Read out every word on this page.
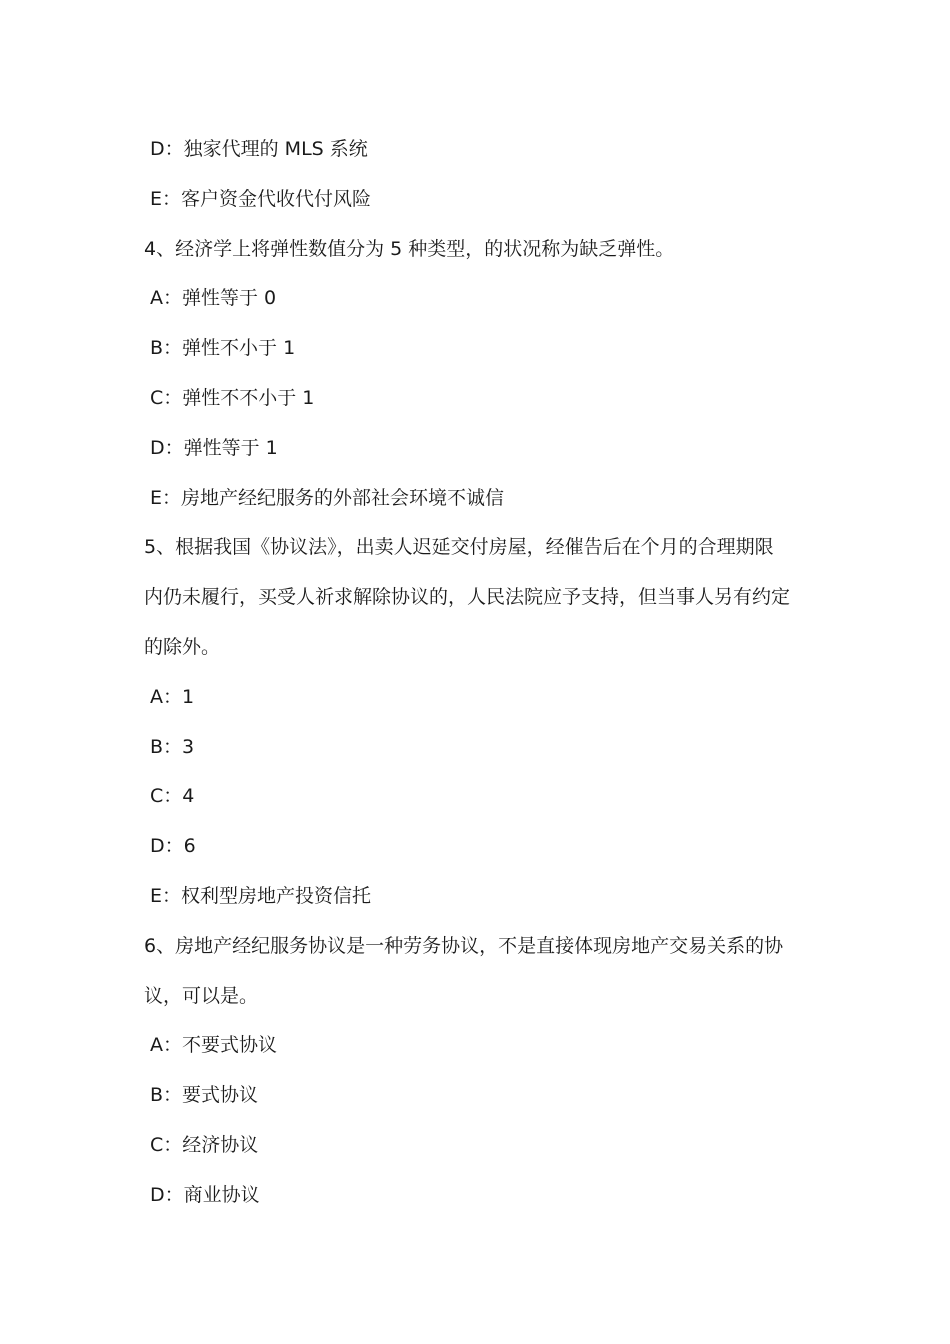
D：独家代理的 MLS 系统
E：客户资金代收代付风险
4、经济学上将弹性数值分为 5 种类型，的状况称为缺乏弹性。
A：弹性等于 0
B：弹性不小于 1
C：弹性不不小于 1
D：弹性等于 1
E：房地产经纪服务的外部社会环境不诚信
5、根据我国《协议法》，出卖人迟延交付房屋，经催告后在个月的合理期限
内仍未履行，买受人祈求解除协议的，人民法院应予支持，但当事人另有约定
的除外。
A：1
B：3
C：4
D：6
E：权利型房地产投资信托
6、房地产经纪服务协议是一种劳务协议，不是直接体现房地产交易关系的协
议，可以是。
A：不要式协议
B：要式协议
C：经济协议
D：商业协议
